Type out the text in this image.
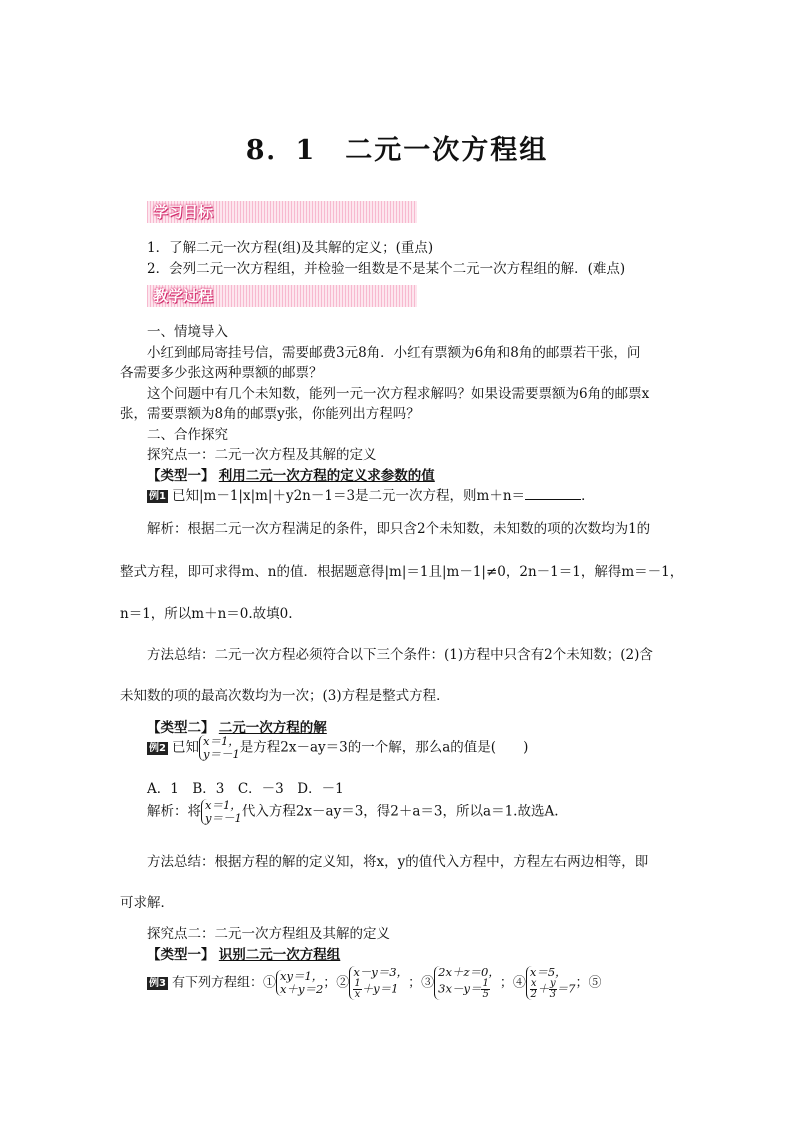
8．1　二元一次方程组
学习目标
1．了解二元一次方程(组)及其解的定义；(重点)
2．会列二元一次方程组，并检验一组数是不是某个二元一次方程组的解．(难点)
教学过程
一、情境导入
小红到邮局寄挂号信，需要邮费3元8角．小红有票额为6角和8角的邮票若干张，问
各需要多少张这两种票额的邮票？
这个问题中有几个未知数，能列一元一次方程求解吗？如果设需要票额为6角的邮票x
张，需要票额为8角的邮票y张，你能列出方程吗？
二、合作探究
探究点一：二元一次方程及其解的定义
【类型一】 利用二元一次方程的定义求参数的值
例1 已知|m－1|x|m|＋y2n－1＝3是二元一次方程，则m＋n＝	．
解析：根据二元一次方程满足的条件，即只含2个未知数，未知数的项的次数均为1的
整式方程，即可求得m、n的值．根据题意得|m|＝1且|m－1|≠0，2n－1＝1，解得m＝－1，
n＝1，所以m＋n＝0.故填0.
方法总结：二元一次方程必须符合以下三个条件：(1)方程中只含有2个未知数；(2)含
未知数的项的最高次数均为一次；(3)方程是整式方程．
【类型二】 二元一次方程的解
例2 已知 x＝1，
y＝－1是方程2x－ay＝3的一个解，那么a的值是(　　)
A．1　B．3　C．－3　D．－1
解析：将 x＝1，
y＝－1代入方程2x－ay＝3，得2＋a＝3，所以a＝1.故选A.
方法总结：根据方程的解的定义知，将x，y的值代入方程中，方程左右两边相等，即
可求解．
探究点二：二元一次方程组及其解的定义
【类型一】 识别二元一次方程组
例3 有下列方程组：① xy＝1，
x＋y＝2；②x－y＝3，

$\frac{1}{x}+y=1$ ；③2x＋z＝0，
$3x-y= \frac{1}{5}$ ；④x＝5，

$\frac{x}{2}+ \frac{y}{3}=7$；⑤
